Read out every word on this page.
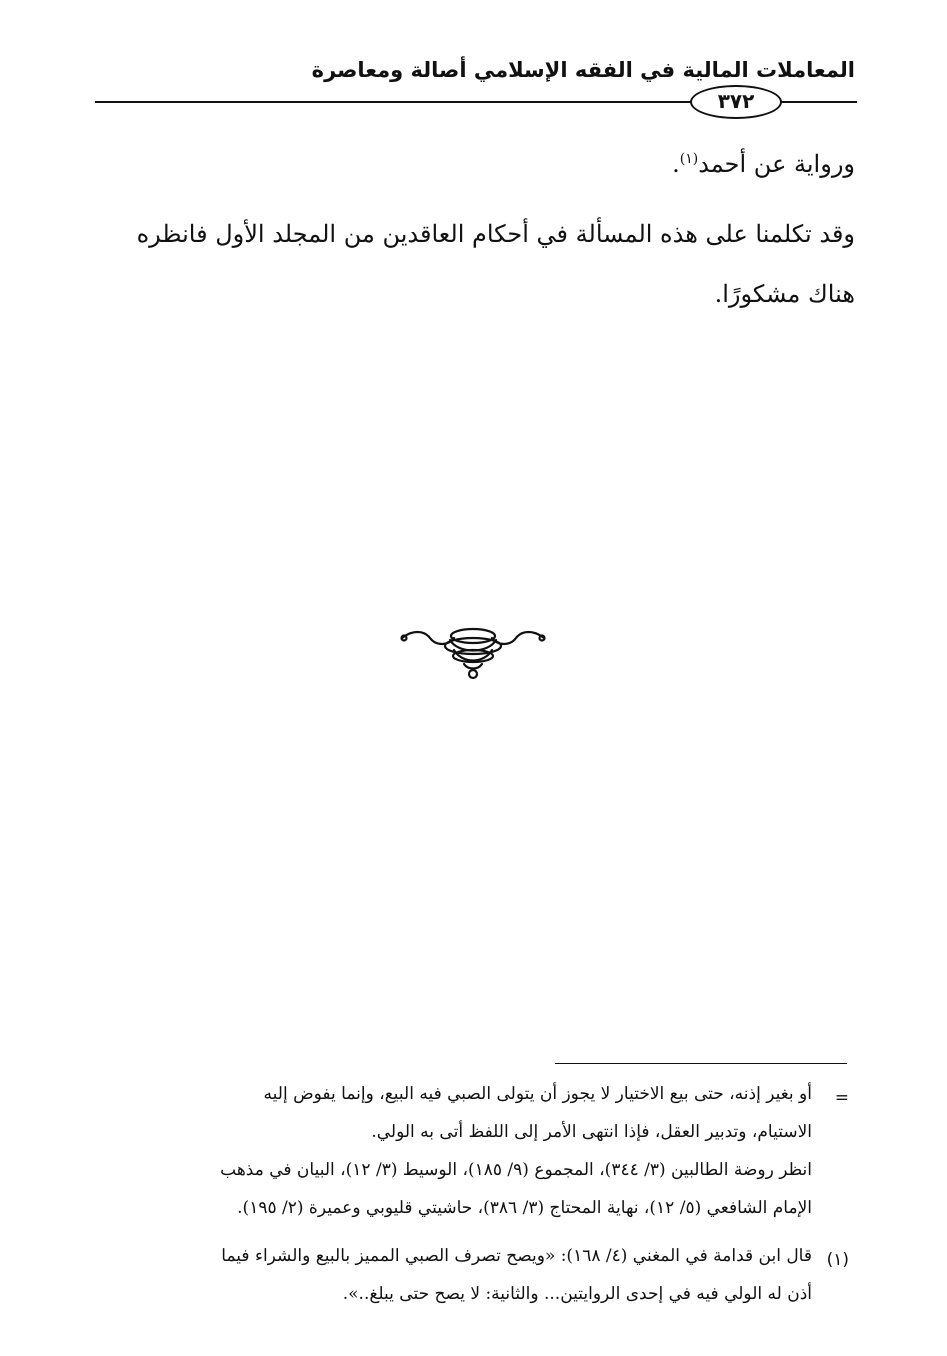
المعاملات المالية في الفقه الإسلامي أصالة ومعاصرة
٣٧٢
ورواية عن أحمد$^{(١)}$.
وقد تكلمنا على هذه المسألة في أحكام العاقدين من المجلد الأول فانظره
هناك مشكورًا.
=
أو بغير إذنه، حتى بيع الاختيار لا يجوز أن يتولى الصبي فيه البيع، وإنما يفوض إليه
الاستيام، وتدبير العقل، فإذا انتهى الأمر إلى اللفظ أتى به الولي.
انظر روضة الطالبين (٣/ ٣٤٤)، المجموع (٩/ ١٨٥)، الوسيط (٣/ ١٢)، البيان في مذهب
الإمام الشافعي (٥/ ١٢)، نهاية المحتاج (٣/ ٣٨٦)، حاشيتي قليوبي وعميرة (٢/ ١٩٥).
(١)
قال ابن قدامة في المغني (٤/ ١٦٨): «ويصح تصرف الصبي المميز بالبيع والشراء فيما
أذن له الولي فيه في إحدى الروايتين... والثانية: لا يصح حتى يبلغ..».
